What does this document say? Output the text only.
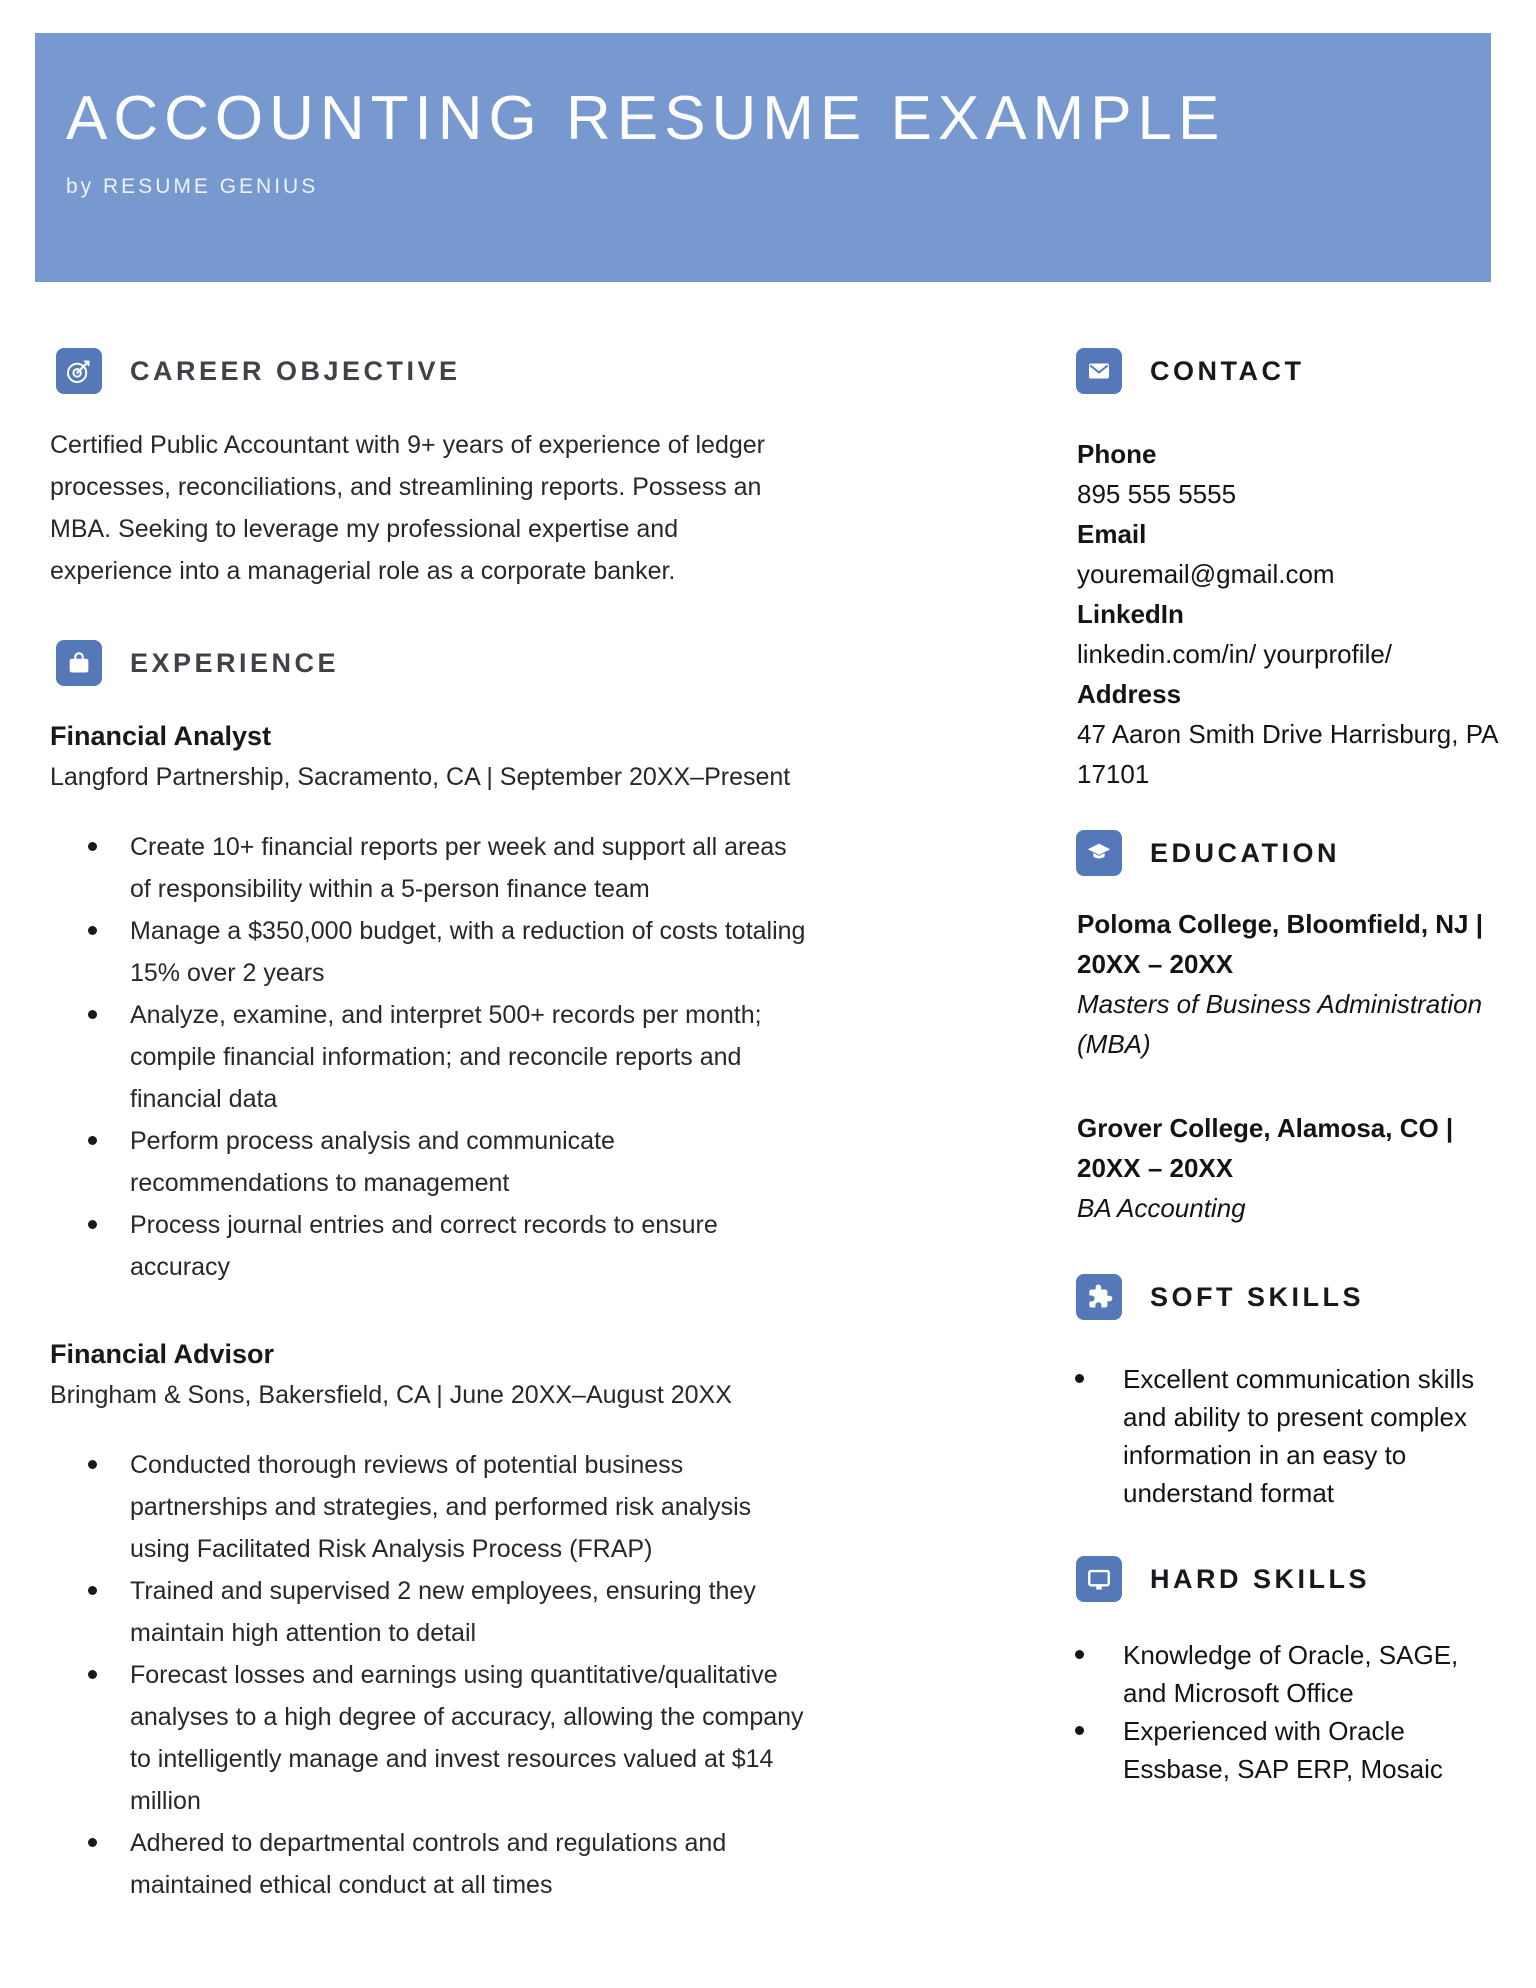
ACCOUNTING RESUME EXAMPLE
by RESUME GENIUS
CAREER OBJECTIVE

Certified Public Accountant with 9+ years of experience of ledger processes, reconciliations, and streamlining reports. Possess an MBA. Seeking to leverage my professional expertise and experience into a managerial role as a corporate banker.

EXPERIENCE
Financial Analyst
Langford Partnership, Sacramento, CA | September 20XX–Present
Create 10+ financial reports per week and support all areas of responsibility within a 5-person finance team
Manage a $350,000 budget, with a reduction of costs totaling 15% over 2 years
Analyze, examine, and interpret 500+ records per month; compile financial information; and reconcile reports and financial data
Perform process analysis and communicate recommendations to management
Process journal entries and correct records to ensure accuracy
Financial Advisor
Bringham & Sons, Bakersfield, CA | June 20XX–August 20XX
Conducted thorough reviews of potential business partnerships and strategies, and performed risk analysis using Facilitated Risk Analysis Process (FRAP)
Trained and supervised 2 new employees, ensuring they maintain high attention to detail
Forecast losses and earnings using quantitative/qualitative analyses to a high degree of accuracy, allowing the company to intelligently manage and invest resources valued at $14 million
Adhered to departmental controls and regulations and maintained ethical conduct at all times
CONTACT
Phone
895 555 5555
Email
youremail@gmail.com
LinkedIn
linkedin.com/in/ yourprofile/
Address
47 Aaron Smith Drive Harrisburg, PA 17101
EDUCATION
Poloma College, Bloomfield, NJ | 20XX – 20XX
Masters of Business Administration (MBA)
Grover College, Alamosa, CO | 20XX – 20XX
BA Accounting
SOFT SKILLS
Excellent communication skills and ability to present complex information in an easy to understand format
HARD SKILLS
Knowledge of Oracle, SAGE, and Microsoft Office
Experienced with Oracle Essbase, SAP ERP, Mosaic
